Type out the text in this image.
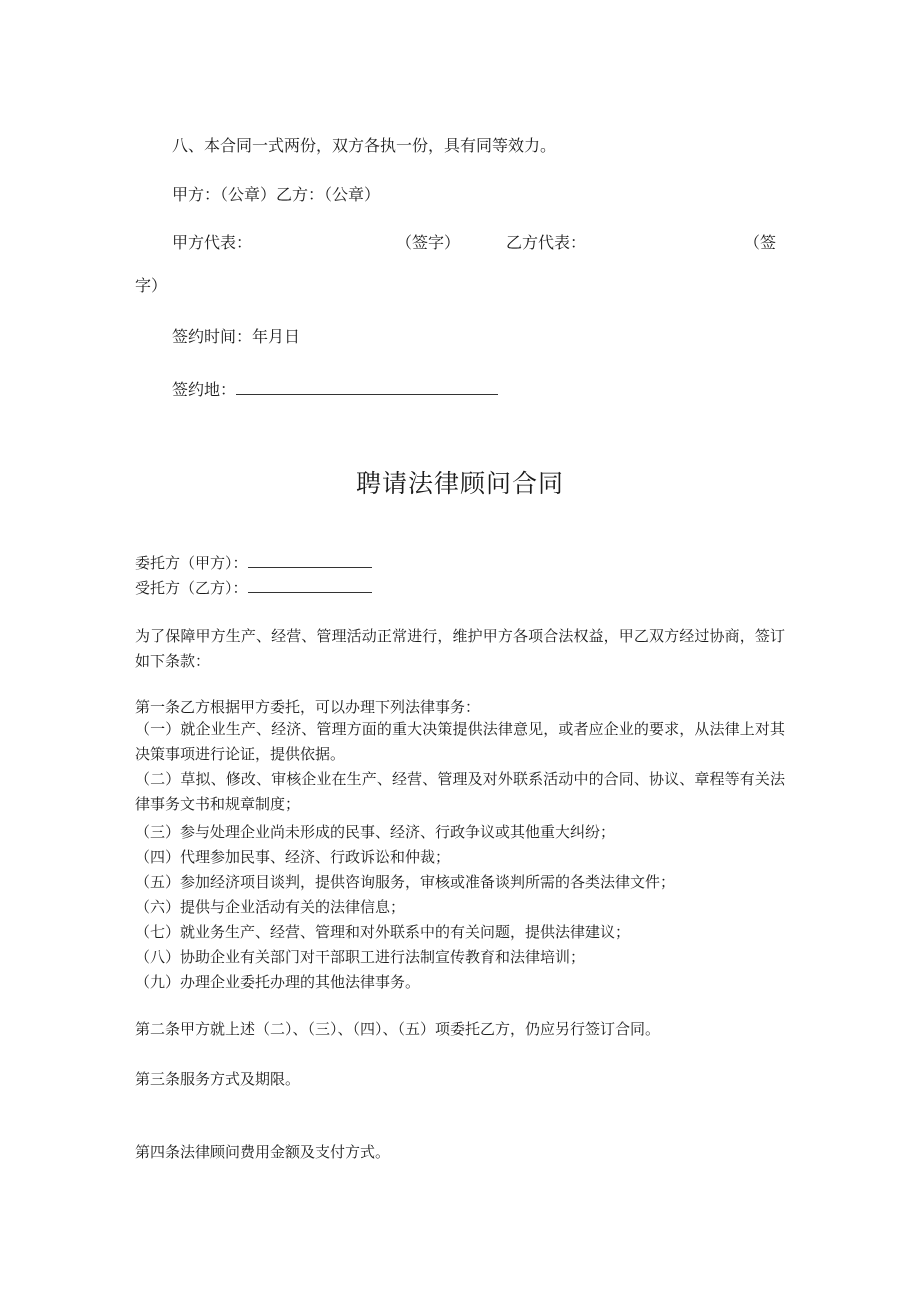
八、本合同一式两份，双方各执一份，具有同等效力。

甲方：（公章）乙方：（公章）

甲方代表：	（签字）	乙方代表：	（签

字）

签约时间：年月日

签约地：

聘请法律顾问合同

委托方（甲方）：

受托方（乙方）：

为了保障甲方生产、经营、管理活动正常进行，维护甲方各项合法权益，甲乙双方经过协商，签订如下条款：

第一条乙方根据甲方委托，可以办理下列法律事务：

（一）就企业生产、经济、管理方面的重大决策提供法律意见，或者应企业的要求，从法律上对其决策事项进行论证，提供依据。

（二）草拟、修改、审核企业在生产、经营、管理及对外联系活动中的合同、协议、章程等有关法律事务文书和规章制度；

（三）参与处理企业尚未形成的民事、经济、行政争议或其他重大纠纷；

（四）代理参加民事、经济、行政诉讼和仲裁；

（五）参加经济项目谈判，提供咨询服务，审核或准备谈判所需的各类法律文件；

（六）提供与企业活动有关的法律信息；

（七）就业务生产、经营、管理和对外联系中的有关问题，提供法律建议；

（八）协助企业有关部门对干部职工进行法制宣传教育和法律培训；

（九）办理企业委托办理的其他法律事务。

第二条甲方就上述（二）、（三）、（四）、（五）项委托乙方，仍应另行签订合同。

第三条服务方式及期限。

第四条法律顾问费用金额及支付方式。
